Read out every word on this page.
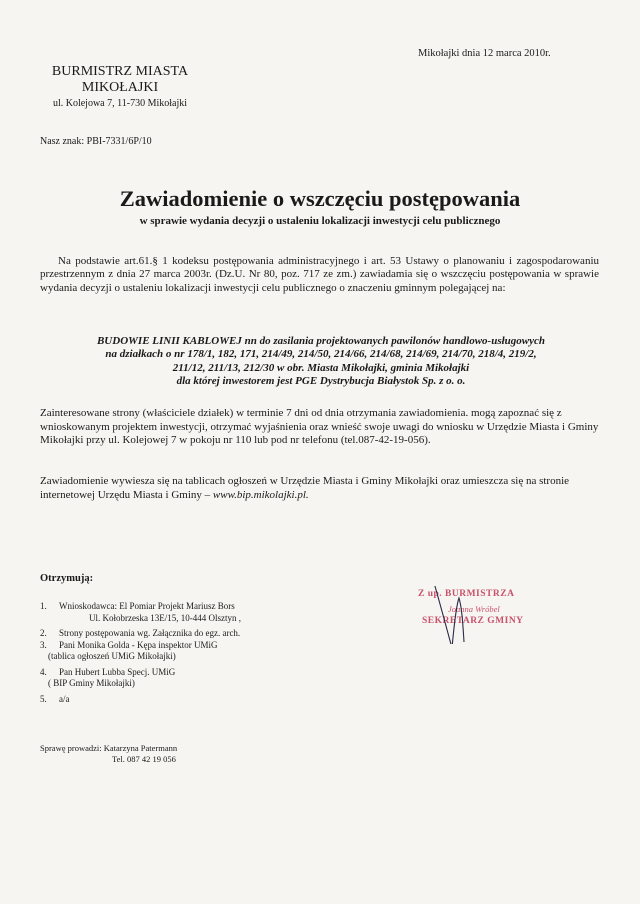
Mikołajki dnia 12 marca 2010r.
BURMISTRZ MIASTA
MIKOŁAJKI
ul. Kolejowa 7, 11-730 Mikołajki
Nasz znak: PBI-7331/6P/10
Zawiadomienie o wszczęciu postępowania
w sprawie wydania decyzji o ustaleniu lokalizacji inwestycji celu publicznego
Na podstawie art.61.§ 1 kodeksu postępowania administracyjnego i art. 53 Ustawy o planowaniu i zagospodarowaniu przestrzennym z dnia 27 marca 2003r. (Dz.U. Nr 80, poz. 717 ze zm.) zawiadamia się o wszczęciu postępowania w sprawie wydania decyzji o ustaleniu lokalizacji inwestycji celu publicznego o znaczeniu gminnym polegającej na:
BUDOWIE LINII KABLOWEJ nn do zasilania projektowanych pawilonów handlowo-usługowych
na działkach o nr 178/1, 182, 171, 214/49, 214/50, 214/66, 214/68, 214/69, 214/70, 218/4, 219/2,
211/12, 211/13, 212/30 w obr. Miasta Mikołajki, gminia Mikołajki
dla której inwestorem jest PGE Dystrybucja Białystok Sp. z o. o.
Zainteresowane strony (właściciele działek) w terminie 7 dni od dnia otrzymania zawiadomienia. mogą zapoznać się z wnioskowanym projektem inwestycji, otrzymać wyjaśnienia oraz wnieść swoje uwagi do wniosku w Urzędzie Miasta i Gminy Mikołajki przy ul. Kolejowej 7 w pokoju nr 110 lub pod nr telefonu (tel.087-42-19-056).
Zawiadomienie wywiesza się na tablicach ogłoszeń w Urzędzie Miasta i Gminy Mikołajki oraz umieszcza się na stronie internetowej Urzędu Miasta i Gminy – www.bip.mikolajki.pl.
Otrzymują:
1.	Wnioskodawca: El Pomiar Projekt Mariusz Bors
Ul. Kołobrzeska 13E/15, 10-444 Olsztyn ,
2.	Strony postępowania wg. Załącznika do egz. arch.
3.	Pani Monika Golda - Kępa inspektor UMiG
(tablica ogłoszeń UMiG Mikołajki)
4.	Pan Hubert Lubba Specj. UMiG
( BIP Gminy Mikołajki)
5.	a/a
Sprawę prowadzi: Katarzyna Patermann
Tel. 087 42 19 056
Z up. BURMISTRZA
Joanna Wróbel
SEKRETARZ GMINY
